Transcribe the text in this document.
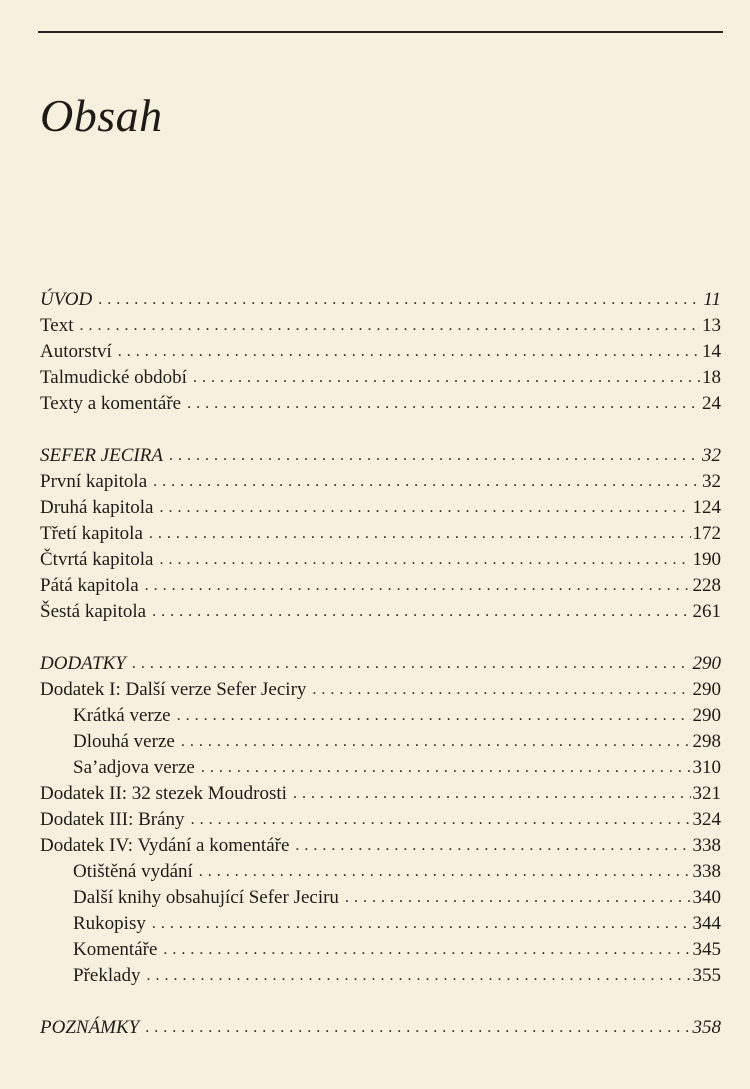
Obsah
ÚVOD . . .	11
Text . . .	13
Autorství . . .	14
Talmudické období . . .	18
Texty a komentáře . . .	24
SEFER JECIRA . . .	32
První kapitola . . .	32
Druhá kapitola . . .	124
Třetí kapitola . . .	172
Čtvrtá kapitola . . .	190
Pátá kapitola . . .	228
Šestá kapitola . . .	261
DODATKY . . .	290
Dodatek I: Další verze Sefer Jeciry . . .	290
Krátká verze . . .	290
Dlouhá verze . . .	298
Sa’adjova verze . . .	310
Dodatek II: 32 stezek Moudrosti . . .	321
Dodatek III: Brány . . .	324
Dodatek IV: Vydání a komentáře . . .	338
Otištěná vydání . . .	338
Další knihy obsahující Sefer Jeciru . . .	340
Rukopisy . . .	344
Komentáře . . .	345
Překlady . . .	355
POZNÁMKY . . .	358
